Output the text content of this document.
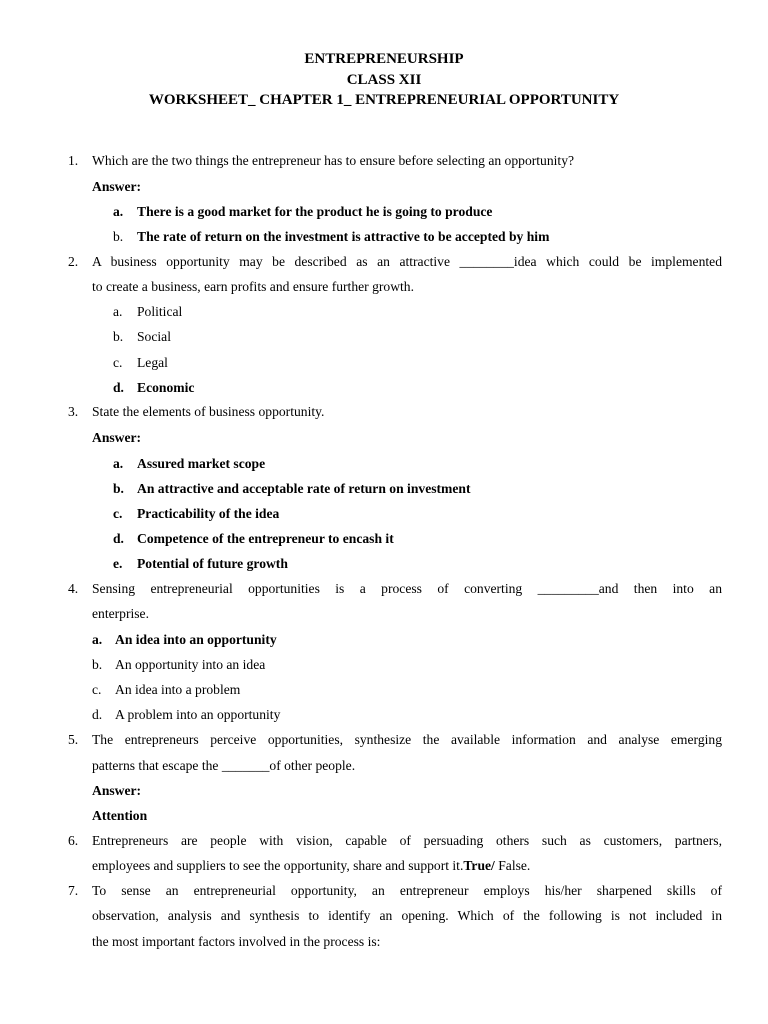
ENTREPRENEURSHIP
CLASS XII
WORKSHEET_ CHAPTER 1_ ENTREPRENEURIAL OPPORTUNITY
1. Which are the two things the entrepreneur has to ensure before selecting an opportunity?
Answer:
a. There is a good market for the product he is going to produce
b. The rate of return on the investment is attractive to be accepted by him
2. A business opportunity may be described as an attractive ________idea which could be implemented
to create a business, earn profits and ensure further growth.
a. Political
b. Social
c. Legal
d. Economic
3. State the elements of business opportunity.
Answer:
a. Assured market scope
b. An attractive and acceptable rate of return on investment
c. Practicability of the idea
d. Competence of the entrepreneur to encash it
e. Potential of future growth
4. Sensing entrepreneurial opportunities is a process of converting _________and then into an
enterprise.
a. An idea into an opportunity
b. An opportunity into an idea
c. An idea into a problem
d. A problem into an opportunity
5. The entrepreneurs perceive opportunities, synthesize the available information and analyse emerging
patterns that escape the _______of other people.
Answer:
Attention
6. Entrepreneurs are people with vision, capable of persuading others such as customers, partners,
employees and suppliers to see the opportunity, share and support it.True/ False.
7. To sense an entrepreneurial opportunity, an entrepreneur employs his/her sharpened skills of
observation, analysis and synthesis to identify an opening. Which of the following is not included in
the most important factors involved in the process is:
